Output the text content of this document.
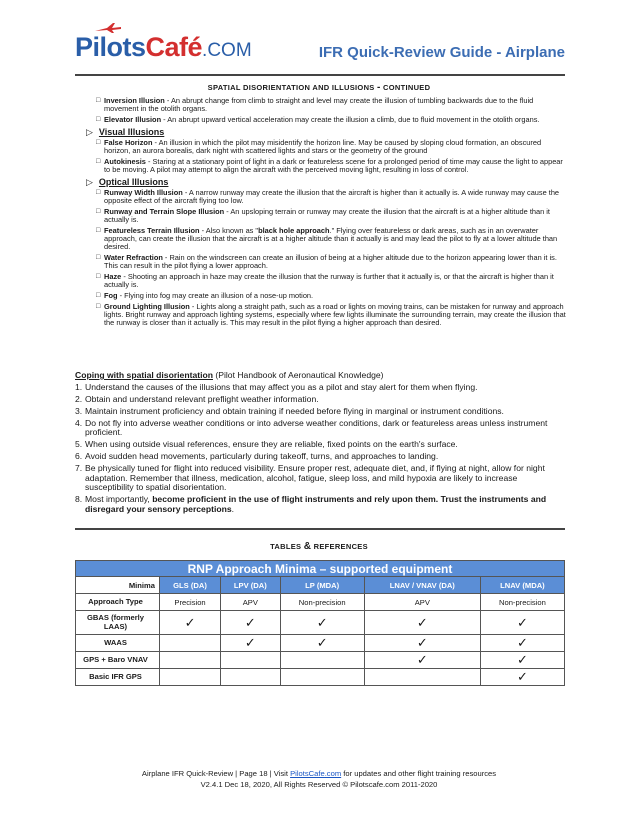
Pilots Café .COM	IFR Quick-Review Guide - Airplane
SPATIAL DISORIENTATION AND ILLUSIONS - CONTINUED
□ Inversion Illusion - An abrupt change from climb to straight and level may create the illusion of tumbling backwards due to the fluid movement in the otolith organs.
□ Elevator Illusion - An abrupt upward vertical acceleration may create the illusion a climb, due to fluid movement in the otolith organs.
▷ Visual Illusions
□ False Horizon - An illusion in which the pilot may misidentify the horizon line. May be caused by sloping cloud formation, an obscured horizon, an aurora borealis, dark night with scattered lights and stars or the geometry of the ground
□ Autokinesis - Staring at a stationary point of light in a dark or featureless scene for a prolonged period of time may cause the light to appear to be moving. A pilot may attempt to align the aircraft with the perceived moving light, resulting in loss of control.
▷ Optical Illusions
□ Runway Width Illusion - A narrow runway may create the illusion that the aircraft is higher than it actually is. A wide runway may cause the opposite effect of the aircraft flying too low.
□ Runway and Terrain Slope Illusion - An upsloping terrain or runway may create the illusion that the aircraft is at a higher altitude than it actually is.
□ Featureless Terrain Illusion - Also known as "black hole approach." Flying over featureless or dark areas, such as in an overwater approach, can create the illusion that the aircraft is at a higher altitude than it actually is and may lead the pilot to fly at a lower altitude than desired.
□ Water Refraction - Rain on the windscreen can create an illusion of being at a higher altitude due to the horizon appearing lower than it is. This can result in the pilot flying a lower approach.
□ Haze - Shooting an approach in haze may create the illusion that the runway is further that it actually is, or that the aircraft is higher than it actually is.
□ Fog - Flying into fog may create an illusion of a nose-up motion.
□ Ground Lighting Illusion - Lights along a straight path, such as a road or lights on moving trains, can be mistaken for runway and approach lights. Bright runway and approach lighting systems, especially where few lights illuminate the surrounding terrain, may create the illusion that the runway is closer than it actually is. This may result in the pilot flying a higher approach than desired.
Coping with spatial disorientation (Pilot Handbook of Aeronautical Knowledge)
1. Understand the causes of the illusions that may affect you as a pilot and stay alert for them when flying.
2. Obtain and understand relevant preflight weather information.
3. Maintain instrument proficiency and obtain training if needed before flying in marginal or instrument conditions.
4. Do not fly into adverse weather conditions or into adverse weather conditions, dark or featureless areas unless instrument proficient.
5. When using outside visual references, ensure they are reliable, fixed points on the earth's surface.
6. Avoid sudden head movements, particularly during takeoff, turns, and approaches to landing.
7. Be physically tuned for flight into reduced visibility. Ensure proper rest, adequate diet, and, if flying at night, allow for night adaptation. Remember that illness, medication, alcohol, fatigue, sleep loss, and mild hypoxia are likely to increase susceptibility to spatial disorientation.
8. Most importantly, become proficient in the use of flight instruments and rely upon them. Trust the instruments and disregard your sensory perceptions.
TABLES & REFERENCES
RNP Approach Minima – supported equipment					
Minima	GLS (DA)	LPV (DA)	LP (MDA)	LNAV / VNAV (DA)	LNAV (MDA)
Approach Type	Precision	APV	Non-precision	APV	Non-precision
GBAS (formerly LAAS)	✓	✓	✓	✓	✓
WAAS		✓	✓	✓	✓
GPS + Baro VNAV				✓	✓
Basic IFR GPS					✓
Airplane IFR Quick-Review | Page 18 | Visit PilotsCafe.com for updates and other flight training resources
V2.4.1 Dec 18, 2020, All Rights Reserved © Pilotscafe.com 2011-2020
